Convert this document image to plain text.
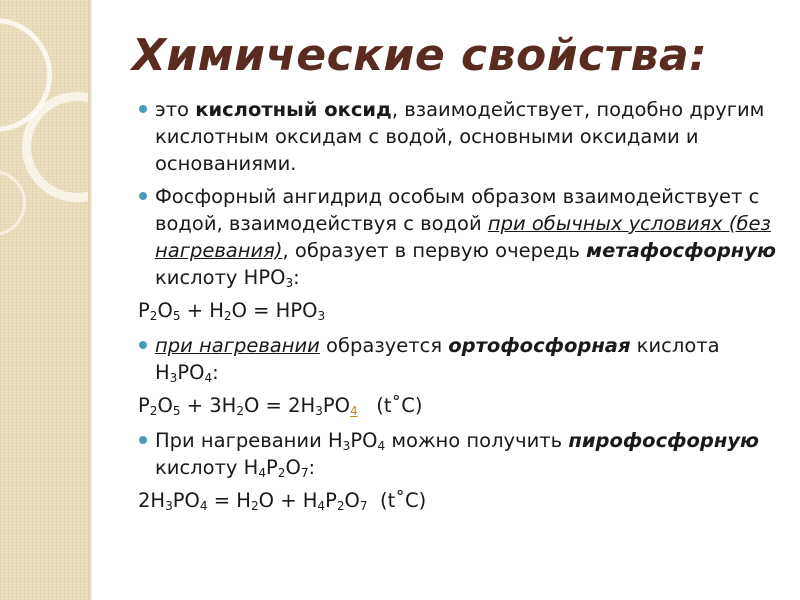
Химические свойства:
это кислотный оксид, взаимодействует, подобно другим кислотным оксидам с водой, основными оксидами и основаниями.
Фосфорный ангидрид особым образом взаимодействует с водой, взаимодействуя с водой при обычных условиях (без нагревания), образует в первую очередь метафосфорную кислоту $HPO_3$:
$P_2O_5 + H_2O = HPO_3$
при нагревании образуется ортофосфорная кислота $H_3PO_4$:
$P_2O_5 + 3H_2O = 2H_3PO4$   (t˚C)
При нагревании $H_3PO_4$ можно получить пирофосфорную кислоту $H_4P_2O_7$:
$2H_3PO_4 = H_2O + H_4P_2O_7$  (t˚C)
